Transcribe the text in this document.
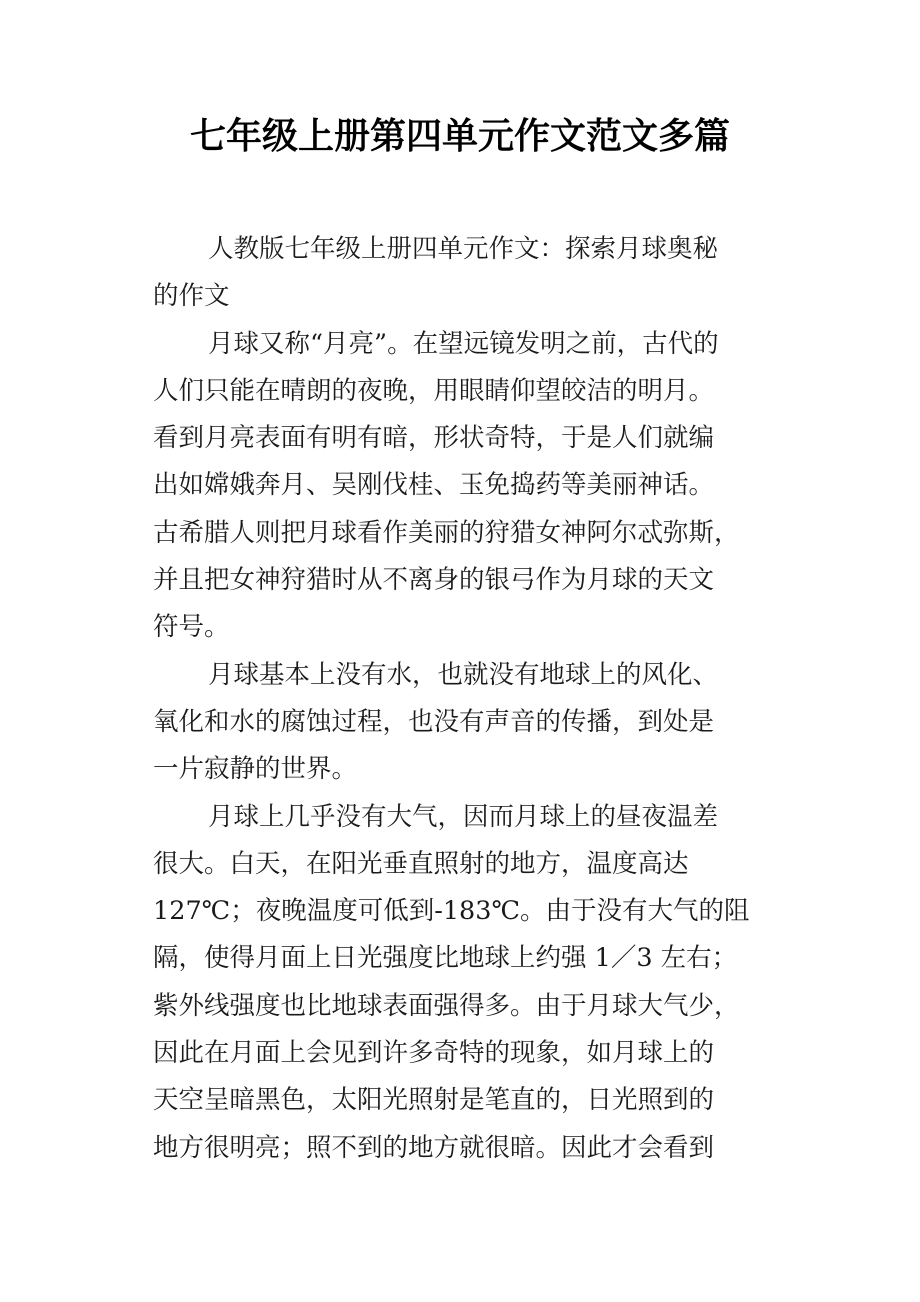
七年级上册第四单元作文范文多篇
人教版七年级上册四单元作文：探索月球奥秘
的作文
月球又称“月亮”。在望远镜发明之前，古代的
人们只能在晴朗的夜晚，用眼睛仰望皎洁的明月。
看到月亮表面有明有暗，形状奇特，于是人们就编
出如嫦娥奔月、吴刚伐桂、玉免捣药等美丽神话。
古希腊人则把月球看作美丽的狩猎女神阿尔忒弥斯，
并且把女神狩猎时从不离身的银弓作为月球的天文
符号。
月球基本上没有水，也就没有地球上的风化、
氧化和水的腐蚀过程，也没有声音的传播，到处是
一片寂静的世界。
月球上几乎没有大气，因而月球上的昼夜温差
很大。白天，在阳光垂直照射的地方，温度高达
127℃；夜晚温度可低到-183℃。由于没有大气的阻
隔，使得月面上日光强度比地球上约强 1／3 左右；
紫外线强度也比地球表面强得多。由于月球大气少，
因此在月面上会见到许多奇特的现象，如月球上的
天空呈暗黑色，太阳光照射是笔直的，日光照到的
地方很明亮；照不到的地方就很暗。因此才会看到
